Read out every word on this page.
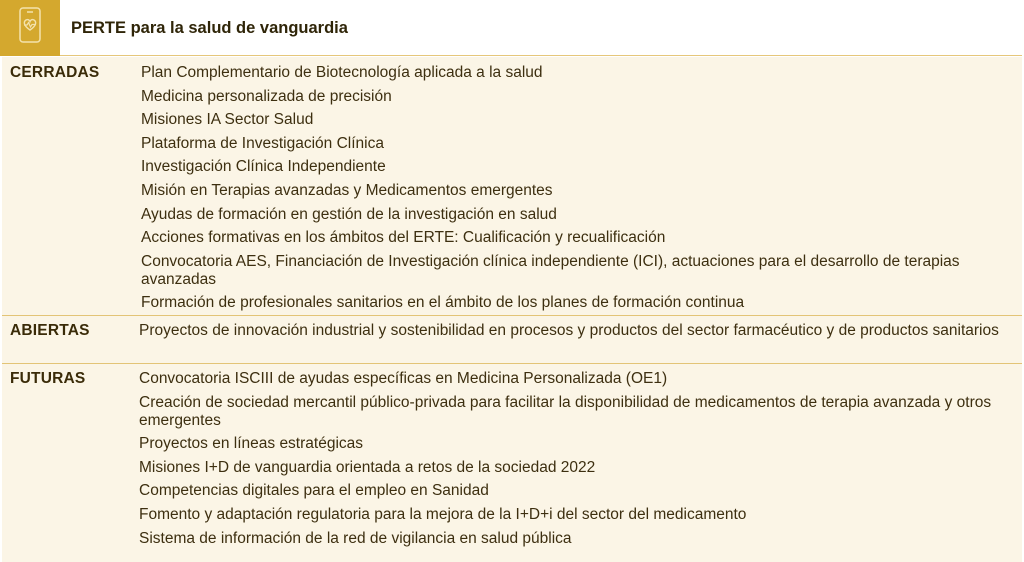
PERTE para la salud de vanguardia
CERRADAS	Plan Complementario de Biotecnología aplicada a la salud
Medicina personalizada de precisión
Misiones IA Sector Salud
Plataforma de Investigación Clínica
Investigación Clínica Independiente
Misión en Terapias avanzadas y Medicamentos emergentes
Ayudas de formación en gestión de la investigación en salud
Acciones formativas en los ámbitos del ERTE: Cualificación y recualificación
Convocatoria AES, Financiación de Investigación clínica independiente (ICI), actuaciones para el desarrollo de terapias avanzadas
Formación de profesionales sanitarios en el ámbito de los planes de formación continua
ABIERTAS	Proyectos de innovación industrial y sostenibilidad en procesos y productos del sector farmacéutico y de productos sanitarios
FUTURAS	Convocatoria ISCIII de ayudas específicas en Medicina Personalizada (OE1)
Creación de sociedad mercantil público-privada para facilitar la disponibilidad de medicamentos de terapia avanzada y otros emergentes
Proyectos en líneas estratégicas
Misiones I+D de vanguardia orientada a retos de la sociedad 2022
Competencias digitales para el empleo en Sanidad
Fomento y adaptación regulatoria para la mejora de la I+D+i del sector del medicamento
Sistema de información de la red de vigilancia en salud pública
